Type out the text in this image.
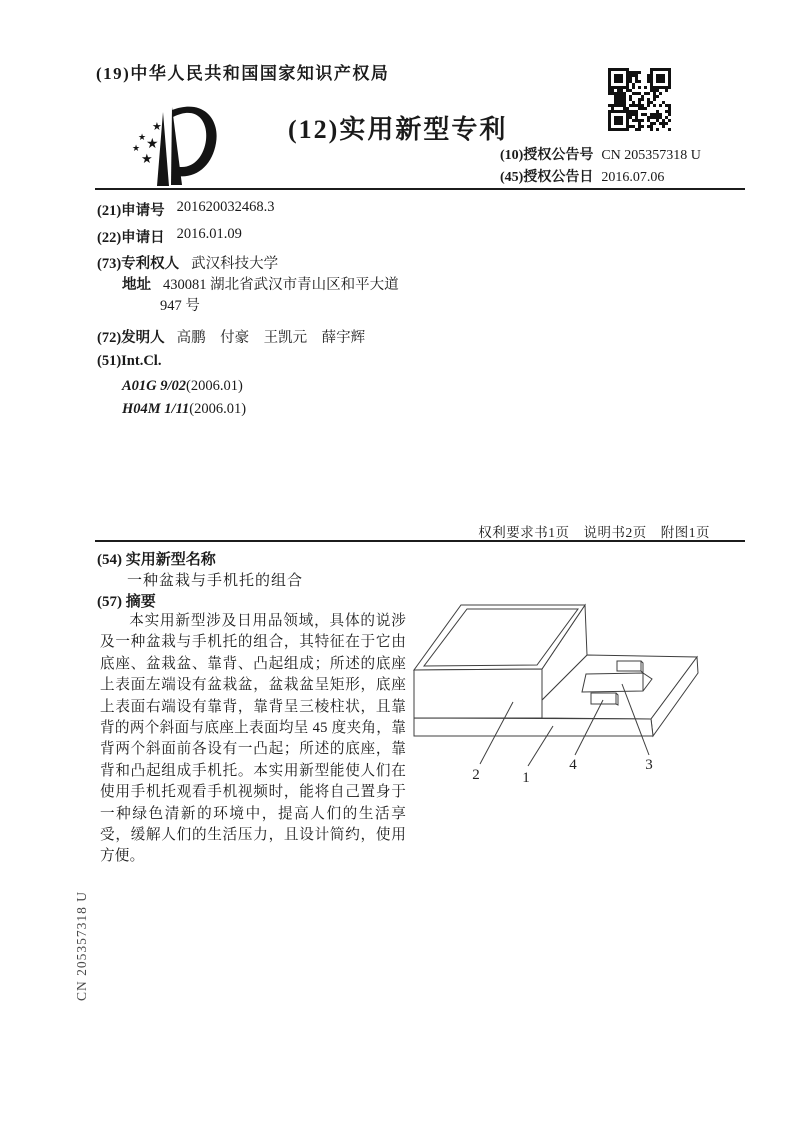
(19)中华人民共和国国家知识产权局
★
★ ★
★
★
(12)实用新型专利
(10)授权公告号 CN 205357318 U
(45)授权公告日 2016.07.06
(21)申请号 201620032468.3
(22)申请日 2016.01.09
(73)专利权人 武汉科技大学
地址 430081 湖北省武汉市青山区和平大道
947 号
(72)发明人 高鹏　付豪　王凯元　薛宇辉
(51)Int.Cl.
A01G 9/02(2006.01)
H04M 1/11(2006.01)
权利要求书1页　说明书2页　附图1页
(54) 实用新型名称
一种盆栽与手机托的组合
(57) 摘要
本实用新型涉及日用品领域，具体的说涉及一种盆栽与手机托的组合，其特征在于它由底座、盆栽盆、靠背、凸起组成；所述的底座上表面左端设有盆栽盆，盆栽盆呈矩形，底座上表面右端设有靠背，靠背呈三棱柱状，且靠背的两个斜面与底座上表面均呈 45 度夹角，靠背两个斜面前各设有一凸起；所述的底座，靠背和凸起组成手机托。本实用新型能使人们在使用手机托观看手机视频时，能将自己置身于一种绿色清新的环境中，提高人们的生活享受，缓解人们的生活压力，且设计简约，使用方便。
2	1
4	3
CN 205357318 U
